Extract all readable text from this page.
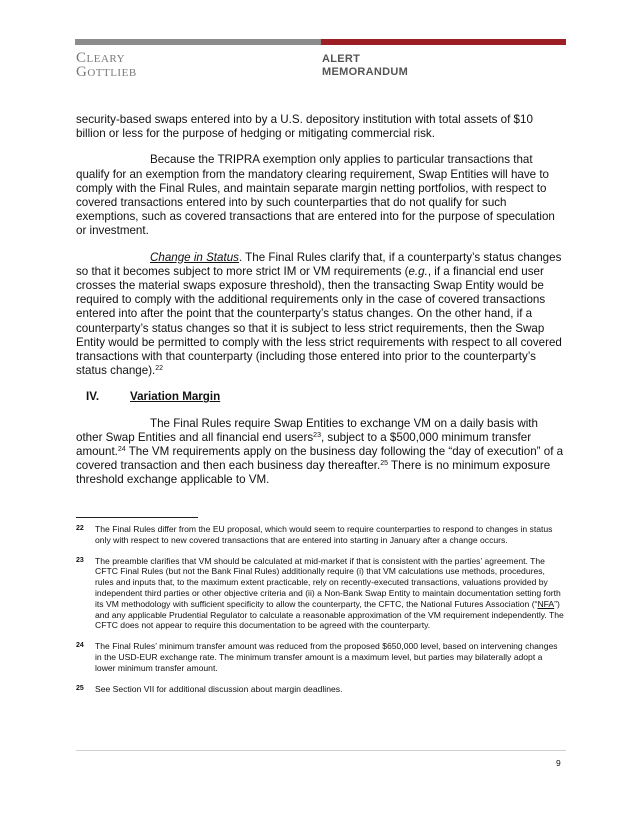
Cleary
Gottlieb
ALERT
MEMORANDUM

security-based swaps entered into by a U.S. depository institution with total assets of $10 billion or less for the purpose of hedging or mitigating commercial risk.

Because the TRIPRA exemption only applies to particular transactions that qualify for an exemption from the mandatory clearing requirement, Swap Entities will have to comply with the Final Rules, and maintain separate margin netting portfolios, with respect to covered transactions entered into by such counterparties that do not qualify for such exemptions, such as covered transactions that are entered into for the purpose of speculation or investment.

Change in Status. The Final Rules clarify that, if a counterparty’s status changes so that it becomes subject to more strict IM or VM requirements (e.g., if a financial end user crosses the material swaps exposure threshold), then the transacting Swap Entity would be required to comply with the additional requirements only in the case of covered transactions entered into after the point that the counterparty’s status changes. On the other hand, if a counterparty’s status changes so that it is subject to less strict requirements, then the Swap Entity would be permitted to comply with the less strict requirements with respect to all covered transactions with that counterparty (including those entered into prior to the counterparty’s status change).$^{22}$

IV.	Variation Margin

The Final Rules require Swap Entities to exchange VM on a daily basis with other Swap Entities and all financial end users$^{23}$, subject to a $500,000 minimum transfer amount.$^{24}$ The VM requirements apply on the business day following the “day of execution” of a covered transaction and then each business day thereafter.$^{25}$ There is no minimum exposure threshold exchange applicable to VM.

22	The Final Rules differ from the EU proposal, which would seem to require counterparties to respond to changes in status only with respect to new covered transactions that are entered into starting in January after a change occurs.
23	The preamble clarifies that VM should be calculated at mid-market if that is consistent with the parties’ agreement. The CFTC Final Rules (but not the Bank Final Rules) additionally require (i) that VM calculations use methods, procedures, rules and inputs that, to the maximum extent practicable, rely on recently-executed transactions, valuations provided by independent third parties or other objective criteria and (ii) a Non-Bank Swap Entity to maintain documentation setting forth its VM methodology with sufficient specificity to allow the counterparty, the CFTC, the National Futures Association (“NFA”) and any applicable Prudential Regulator to calculate a reasonable approximation of the VM requirement independently. The CFTC does not appear to require this documentation to be agreed with the counterparty.
24	The Final Rules’ minimum transfer amount was reduced from the proposed $650,000 level, based on intervening changes in the USD-EUR exchange rate. The minimum transfer amount is a maximum level, but parties may bilaterally adopt a lower minimum transfer amount.
25	See Section VII for additional discussion about margin deadlines.
9
